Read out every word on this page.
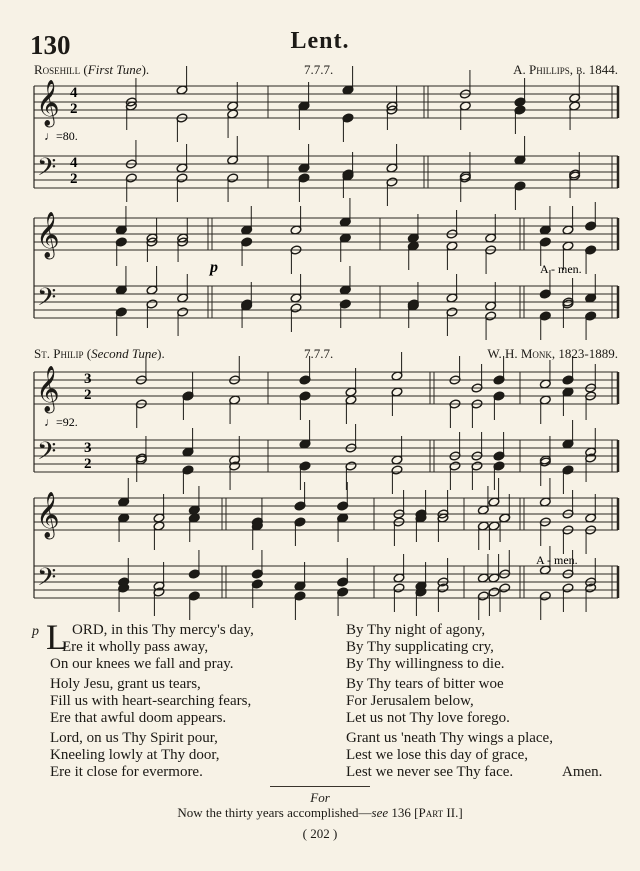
130	Lent.
Rosehill (First Tune).	7.7.7.	A. Phillips, b. 1844.
St. Philip (Second Tune).	7.7.7.	W. H. Monk, 1823-1889.
𝄞
𝄢
𝄞
𝄢
𝄞
𝄢
𝄞
𝄢
4
2
4
2
♩=80.
3
2
3
2
♩=92.
p	A - men.
A - men.
p L ORD, in this Thy mercy's day,
Ere it wholly pass away,
On our knees we fall and pray.
Holy Jesu, grant us tears,
Fill us with heart-searching fears,
Ere that awful doom appears.
Lord, on us Thy Spirit pour,
Kneeling lowly at Thy door,
Ere it close for evermore.
By Thy night of agony,
By Thy supplicating cry,
By Thy willingness to die.
By Thy tears of bitter woe
For Jerusalem below,
Let us not Thy love forego.
Grant us 'neath Thy wings a place,
Lest we lose this day of grace,
Lest we never see Thy face.	Amen.
For
Now the thirty years accomplished—see 136 [Part II.]
( 202 )
